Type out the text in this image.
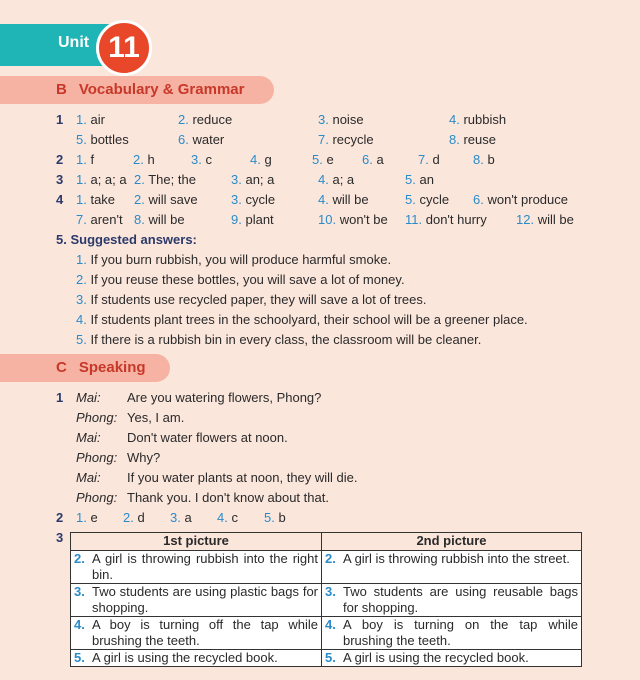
Unit 11
B Vocabulary & Grammar
1 1. air	2. reduce	3. noise	4. rubbish
5. bottles	6. water	7. recycle	8. reuse
2 1. f	2. h	3. c	4. g	5. e 6. a	7. d	8. b
3 1. a; a; a 2. The; the	3. an; a	4. a; a	5. an
4 1. take 2. will save	3. cycle	4. will be	5. cycle 6. won't produce
7. aren't 8. will be	9. plant	10. won't be 11. don't hurry 12. will be
5. Suggested answers:
1. If you burn rubbish, you will produce harmful smoke.
2. If you reuse these bottles, you will save a lot of money.
3. If students use recycled paper, they will save a lot of trees.
4. If students plant trees in the schoolyard, their school will be a greener place.
5. If there is a rubbish bin in every class, the classroom will be cleaner.
C Speaking
1 Mai: Are you watering flowers, Phong?
Phong: Yes, I am.
Mai: Don't water flowers at noon.
Phong: Why?
Mai: If you water plants at noon, they will die.
Phong: Thank you. I don't know about that.
2 1. e 2. d 3. a 4. c 5. b
3	1st picture	2nd picture

2. A girl is throwing rubbish into the right bin.	2. A girl is throwing rubbish into the street.

3. Two students are using plastic bags for shopping.	3. Two students are using reusable bags for shopping.

4. A boy is turning off the tap while brushing the teeth.	4. A boy is turning on the tap while brushing the teeth.

5. A girl is using the recycled book.	5. A girl is using the recycled book.
